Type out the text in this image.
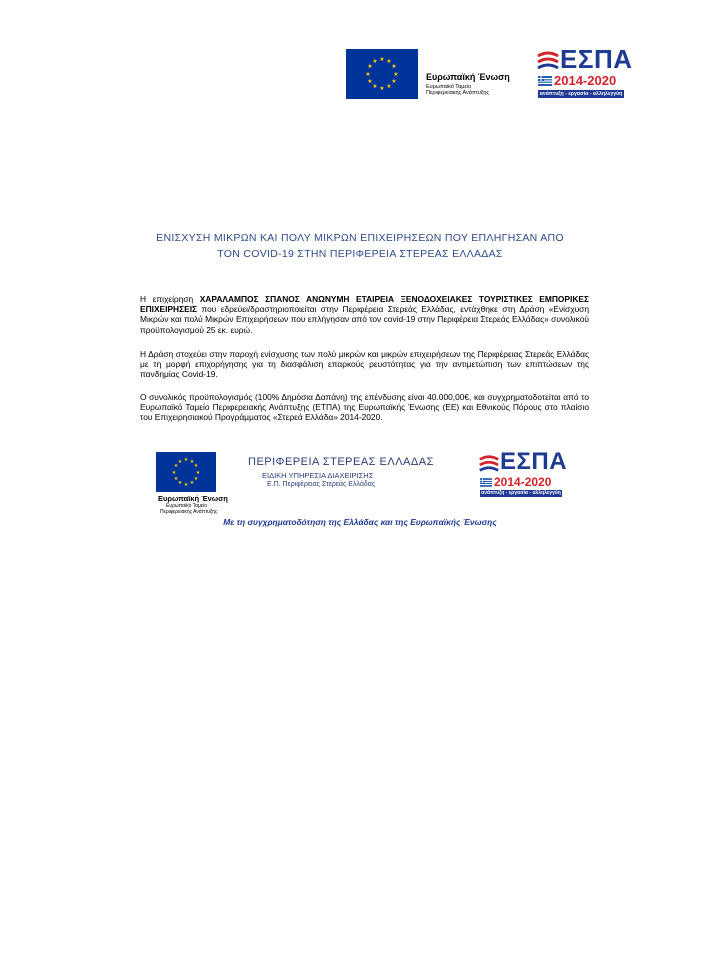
★ ★
★
★
★
★
★
★
★
★
★
★
Ευρωπαϊκή Ένωση
Ευρωπαϊκό Ταμείο
Περιφερειακής Ανάπτυξης
ΕΣΠΑ
2014-2020
ανάπτυξη - εργασία - αλληλεγγύη
ΕΝΙΣΧΥΣΗ ΜΙΚΡΩΝ ΚΑΙ ΠΟΛΥ ΜΙΚΡΩΝ ΕΠΙΧΕΙΡΗΣΕΩΝ ΠΟΥ ΕΠΛΗΓΗΣΑΝ ΑΠΟ
ΤΟΝ COVID-19 ΣΤΗΝ ΠΕΡΙΦΕΡΕΙΑ ΣΤΕΡΕΑΣ ΕΛΛΑΔΑΣ
Η επιχείρηση ΧΑΡΑΛΑΜΠΟΣ ΣΠΑΝΟΣ ΑΝΩΝΥΜΗ ΕΤΑΙΡΕΙΑ ΞΕΝΟΔΟΧΕΙΑΚΕΣ ΤΟΥΡΙΣΤΙΚΕΣ ΕΜΠΟΡΙΚΕΣ ΕΠΙΧΕΙΡΗΣΕΙΣ που εδρεύει/δραστηριοποιείται στην Περιφέρεια Στερεάς Ελλάδας, εντάχθηκε στη Δράση «Ενίσχυση Μικρών και πολύ Μικρών Επιχειρήσεων που επλήγησαν από τον covid-19 στην Περιφέρεια Στερεάς Ελλάδας» συνολικού προϋπολογισμού 25 εκ. ευρώ.
Η Δράση στοχεύει στην παροχή ενίσχυσης των πολύ μικρών και μικρών επιχειρήσεων της Περιφέρειας Στερεάς Ελλάδας με τη μορφή επιχορήγησης για τη διασφάλιση επαρκούς ρευστότητας για την αντιμετώπιση των επιπτώσεων της πανδημίας Covid-19.
Ο συνολικός προϋπολογισμός (100% Δημόσια Δαπάνη) της επένδυσης είναι 40.000,00€, και συγχρηματοδοτείται από το Ευρωπαϊκό Ταμείο Περιφερειακής Ανάπτυξης (ΕΤΠΑ) της Ευρωπαϊκής Ένωσης (ΕΕ) και Εθνικούς Πόρους στο πλαίσιο του Επιχειρησιακού Προγράμματος «Στερεά Ελλάδα» 2014-2020.
★ ★
★
★
★
★
★
★
★
★
★
★
Ευρωπαϊκή Ένωση
Ευρωπαϊκό Ταμείο
Περιφερειακής Ανάπτυξης
ΠΕΡΙΦΕΡΕΙΑ ΣΤΕΡΕΑΣ ΕΛΛΑΔΑΣ
ΕΙΔΙΚΗ ΥΠΗΡΕΣΙΑ ΔΙΑΧΕΙΡΙΣΗΣ
Ε.Π. Περιφέρειας Στερεάς Ελλάδας
ΕΣΠΑ
2014-2020
ανάπτυξη - εργασία - αλληλεγγύη
Με τη συγχρηματοδότηση της Ελλάδας και της Ευρωπαϊκής Ένωσης
